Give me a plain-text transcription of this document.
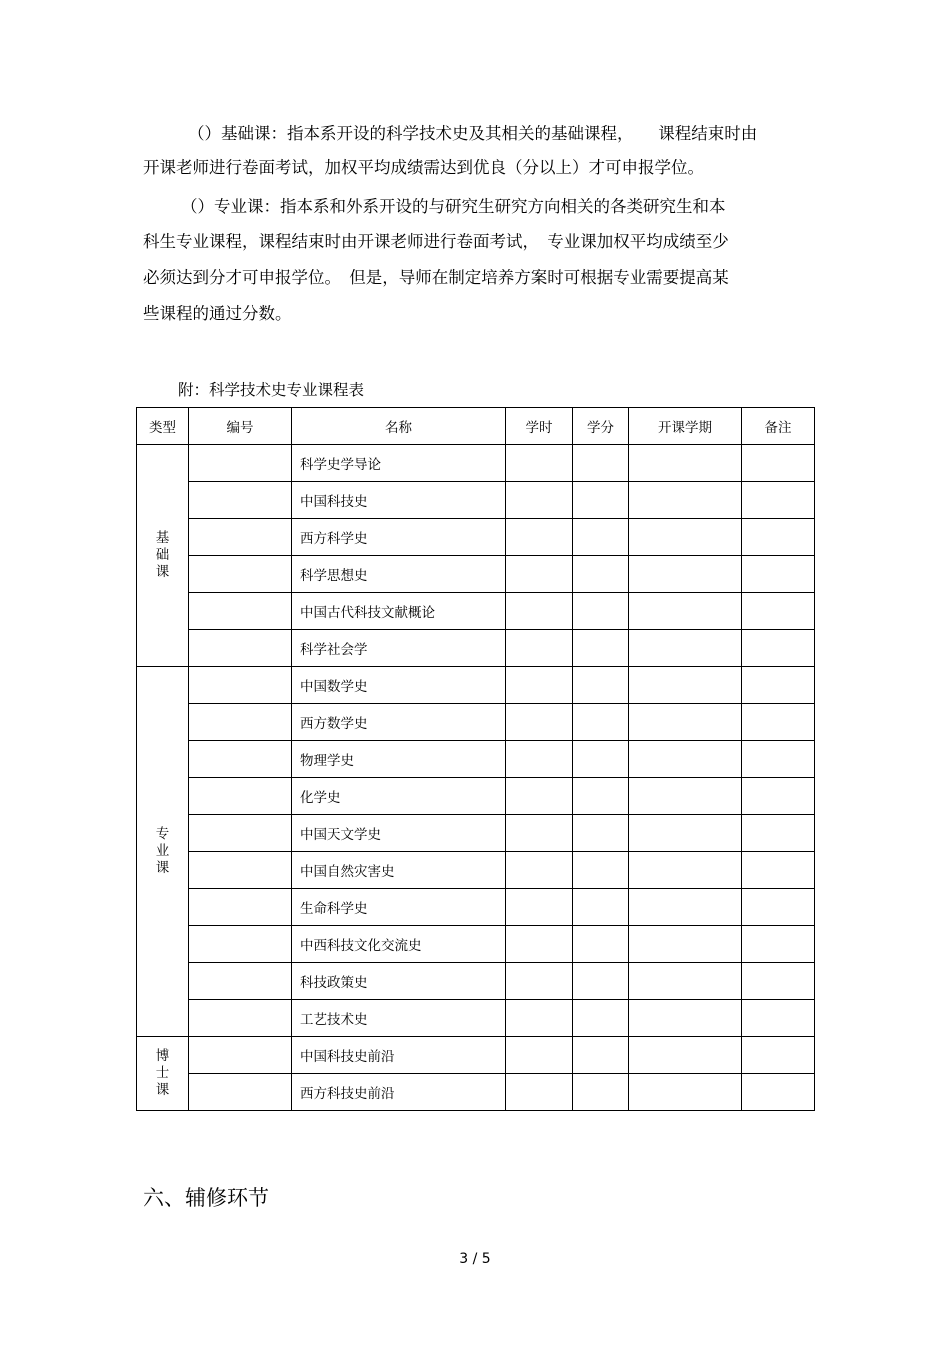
（）基础课：指本系开设的科学技术史及其相关的基础课程，　　课程结束时由

开课老师进行卷面考试，加权平均成绩需达到优良（分以上）才可申报学位。

（）专业课：指本系和外系开设的与研究生研究方向相关的各类研究生和本

科生专业课程，课程结束时由开课老师进行卷面考试，　专业课加权平均成绩至少

必须达到分才可申报学位。　但是，导师在制定培养方案时可根据专业需要提高某

些课程的通过分数。

附：科学技术史专业课程表
类型	编号	名称	学时	学分	开课学期	备注
基础课		科学史学导论				
		中国科技史				
		西方科学史				
		科学思想史				
		中国古代科技文献概论				
		科学社会学				
专业课		中国数学史				
		西方数学史				
		物理学史				
		化学史				
		中国天文学史				
		中国自然灾害史				
		生命科学史				
		中西科技文化交流史				
		科技政策史				
		工艺技术史				
博士课		中国科技史前沿				
		西方科技史前沿				
六、辅修环节
3 / 5
